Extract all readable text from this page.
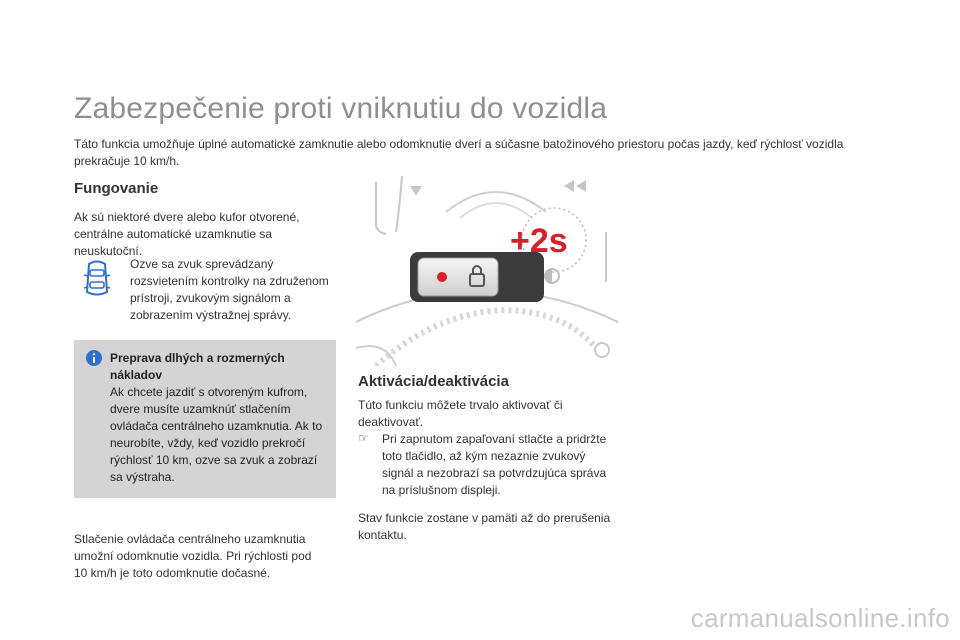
Zabezpečenie proti vniknutiu do vozidla

Táto funkcia umožňuje úplné automatické zamknutie alebo odomknutie dverí a súčasne batožinového priestoru počas jazdy, keď rýchlosť vozidla prekračuje 10 km/h.

Fungovanie

Ak sú niektoré dvere alebo kufor otvorené, centrálne automatické uzamknutie sa neuskutoční.

Ozve sa zvuk sprevádzaný rozsvietením kontrolky na združenom prístroji, zvukovým signálom a zobrazením výstražnej správy.

Preprava dlhých a rozmerných nákladov
Ak chcete jazdiť s otvoreným kufrom, dvere musíte uzamknúť stlačením ovládača centrálneho uzamknutia. Ak to neurobíte, vždy, keď vozidlo prekročí rýchlosť 10 km, ozve sa zvuk a zobrazí sa výstraha.

Stlačenie ovládača centrálneho uzamknutia umožní odomknutie vozidla. Pri rýchlosti pod 10 km/h je toto odomknutie dočasné.

+2s
Aktivácia/deaktivácia

Túto funkciu môžete trvalo aktivovať či deaktivovať.

☞ Pri zapnutom zapaľovaní stlačte a pridržte toto tlačidlo, až kým nezaznie zvukový signál a nezobrazí sa potvrdzujúca správa na príslušnom displeji.

Stav funkcie zostane v pamäti až do prerušenia kontaktu.

carmanualsonline.info
